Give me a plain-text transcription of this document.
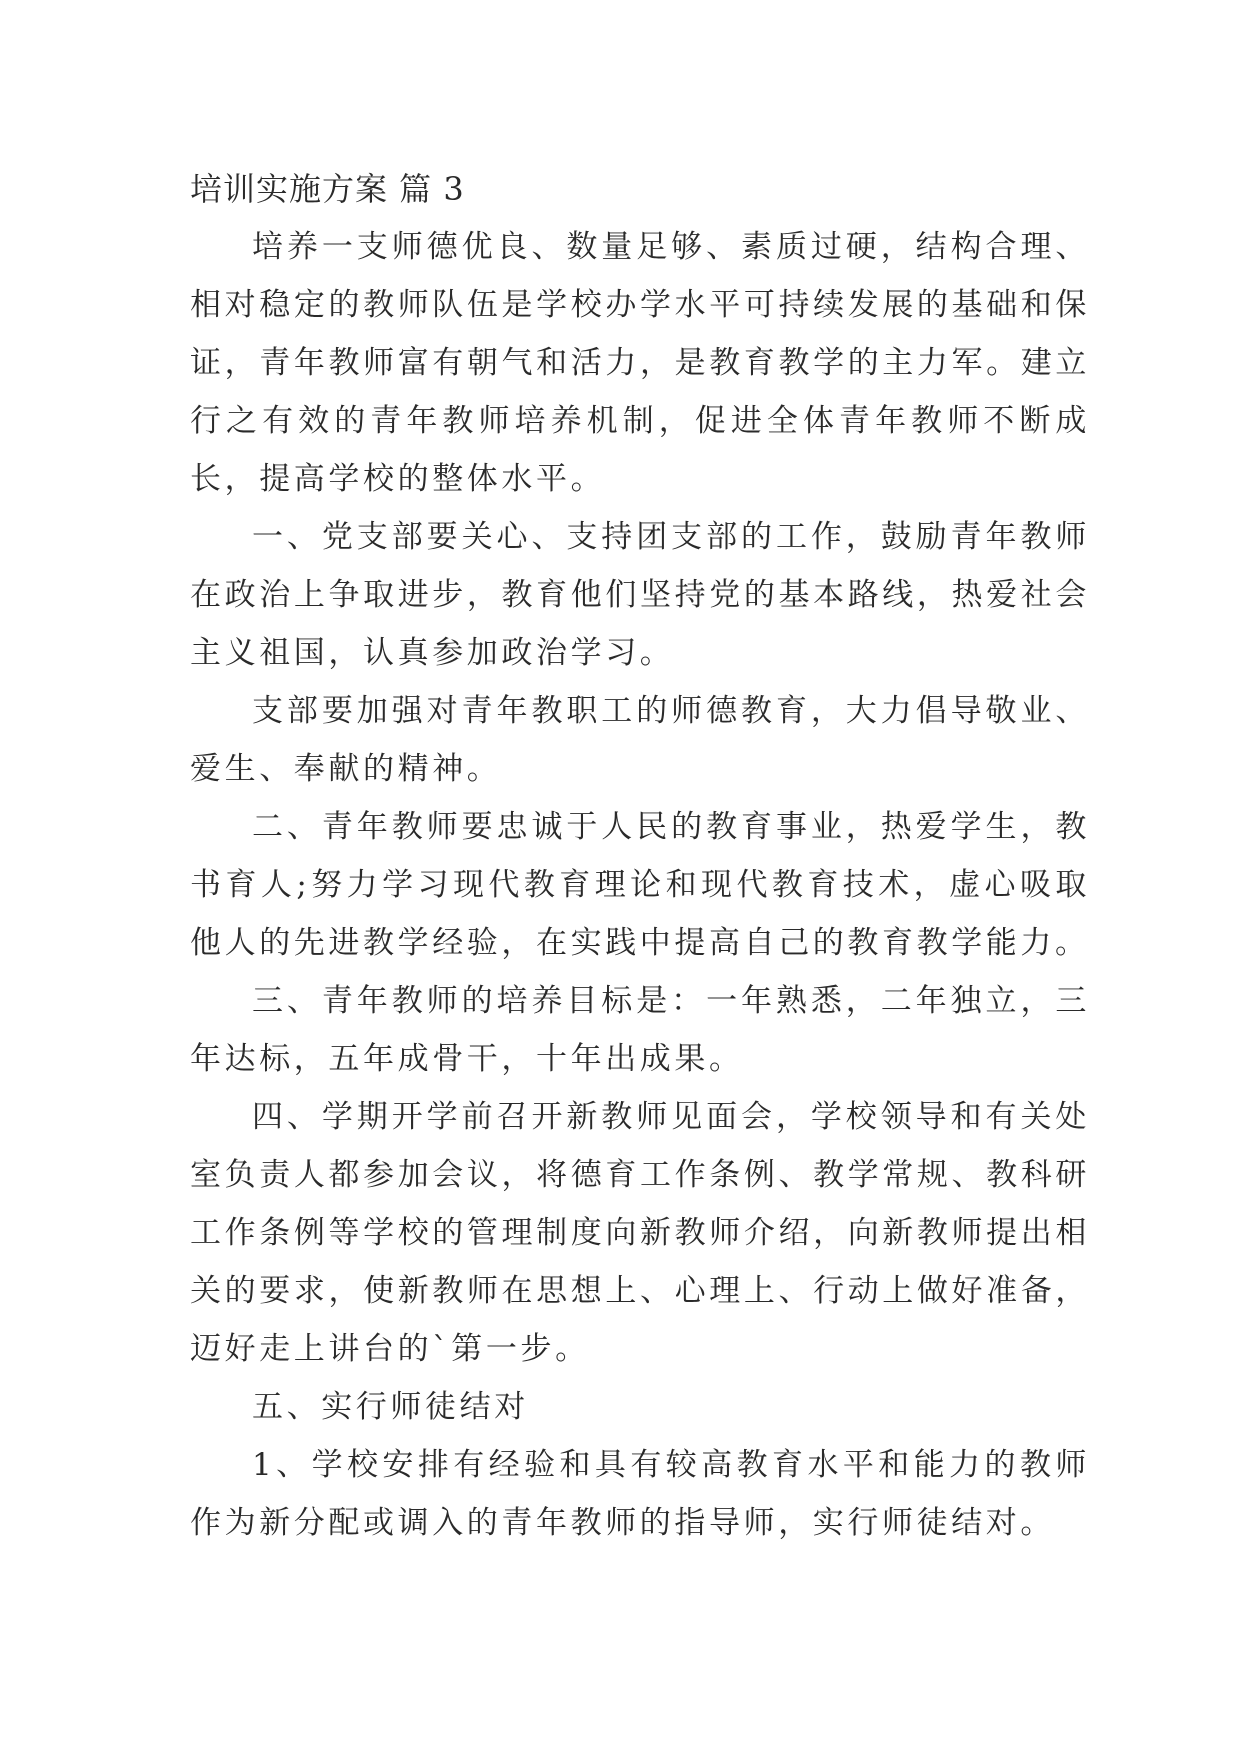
培训实施方案 篇 3

培养一支师德优良、数量足够、素质过硬，结构合理、相对稳定的教师队伍是学校办学水平可持续发展的基础和保证，青年教师富有朝气和活力，是教育教学的主力军。建立行之有效的青年教师培养机制，促进全体青年教师不断成长，提高学校的整体水平。

一、党支部要关心、支持团支部的工作，鼓励青年教师在政治上争取进步，教育他们坚持党的基本路线，热爱社会主义祖国，认真参加政治学习。

支部要加强对青年教职工的师德教育，大力倡导敬业、爱生、奉献的精神。

二、青年教师要忠诚于人民的教育事业，热爱学生，教书育人;努力学习现代教育理论和现代教育技术，虚心吸取他人的先进教学经验，在实践中提高自己的教育教学能力。

三、青年教师的培养目标是：一年熟悉，二年独立，三年达标，五年成骨干，十年出成果。

四、学期开学前召开新教师见面会，学校领导和有关处室负责人都参加会议，将德育工作条例、教学常规、教科研工作条例等学校的管理制度向新教师介绍，向新教师提出相关的要求，使新教师在思想上、心理上、行动上做好准备，迈好走上讲台的`第一步。

五、实行师徒结对

1、学校安排有经验和具有较高教育水平和能力的教师作为新分配或调入的青年教师的指导师，实行师徒结对。
